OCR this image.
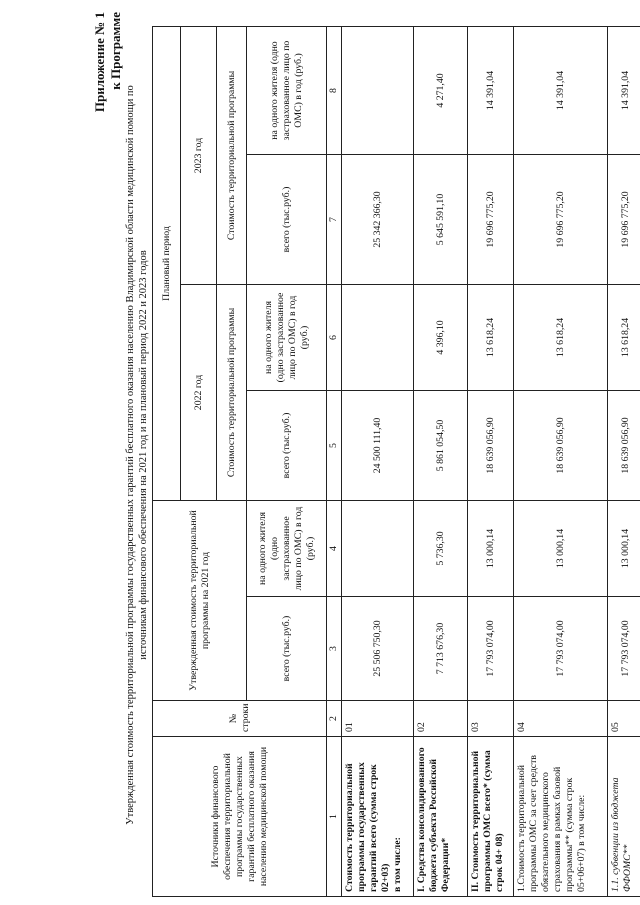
Приложение № 1 к Программе
Утвержденная стоимость территориальной программы государственных гарантий бесплатного оказания населению Владимирской области медицинской помощи по источникам финансового обеспечения на 2021 год и на плановый период 2022 и 2023 годов
Источники финансового обеспечения территориальной программы государственных гарантий бесплатного оказания населению медицинской помощи	№ строки	Утвержденная стоимость территориальной программы на 2021 год		Плановый период			
				2022 год		2023 год	
				Стоимость территориальной программы		Стоимость территориальной программы	
		всего (тыс.руб.)	на одного жителя (одно застрахованное лицо по ОМС) в год (руб.)	всего (тыс.руб.)	на одного жителя (одно застрахованное лицо по ОМС) в год (руб.)	всего (тыс.руб.)	на одного жителя (одно застрахованное лицо по ОМС) в год (руб.)
1	2	3	4	5	6	7	8
Стоимость территориальной программы государственных гарантий всего (сумма строк 02+03)
в том числе:	01	25 506 750,30		24 500 111,40		25 342 366,30	
I. Средства консолидированного бюджета субъекта Российской Федерации*	02	7 713 676,30	5 736,30	5 861 054,50	4 396,10	5 645 591,10	4 271,40
II. Стоимость территориальной программы ОМС всего* (сумма строк 04+ 08)	03	17 793 074,00	13 000,14	18 639 056,90	13 618,24	19 696 775,20	14 391,04
1.Стоимость территориальной программы ОМС за счет средств обязательного медицинского страхования в рамках базовой программы** (сумма строк 05+06+07) в том числе:	04	17 793 074,00	13 000,14	18 639 056,90	13 618,24	19 696 775,20	14 391,04
1.1. субвенции из бюджета ФФОМС**	05	17 793 074,00	13 000,14	18 639 056,90	13 618,24	19 696 775,20	14 391,04
